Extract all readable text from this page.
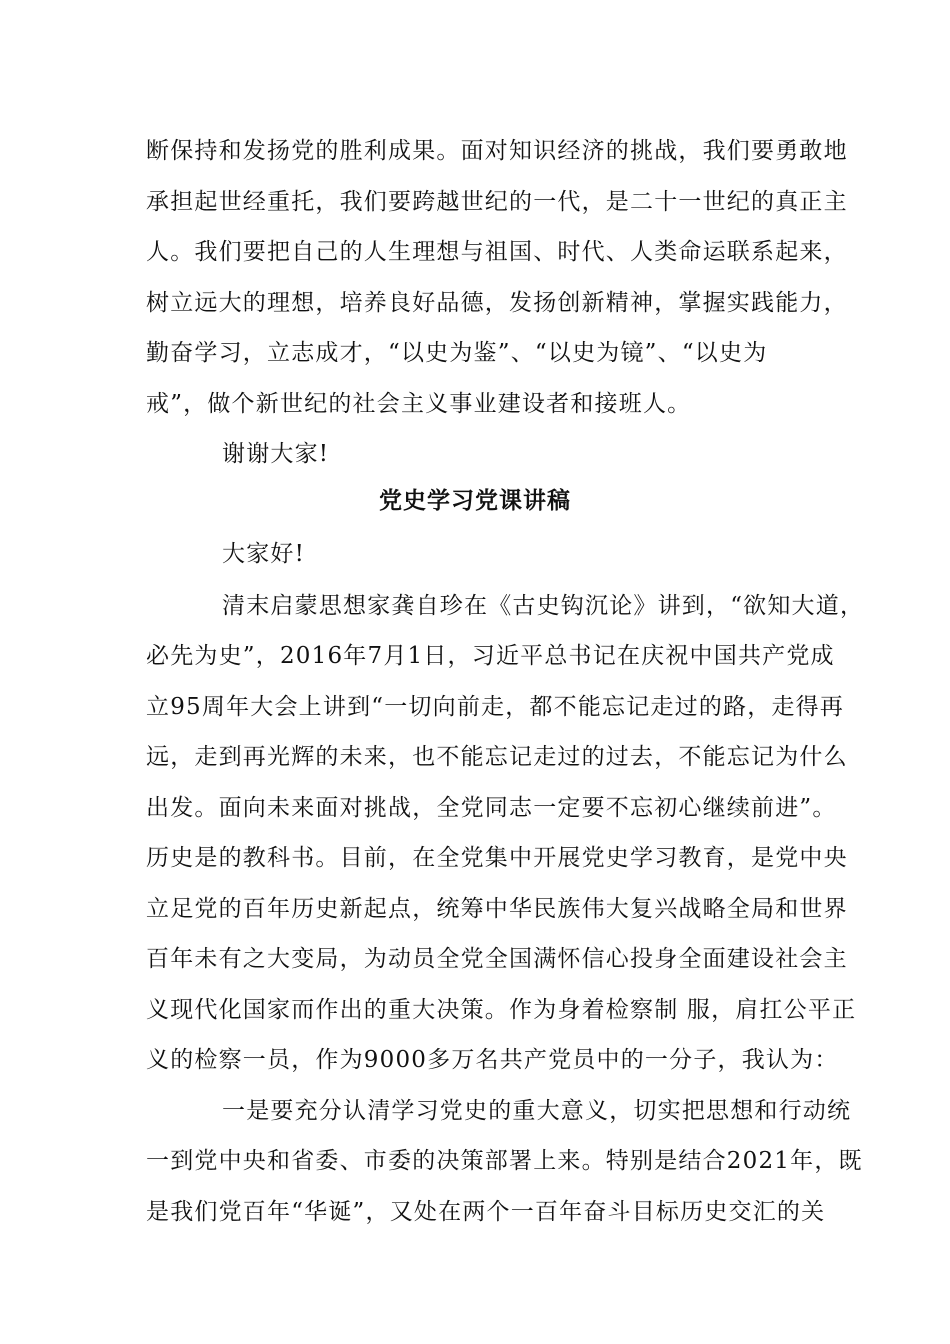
断保持和发扬党的胜利成果。面对知识经济的挑战，我们要勇敢地
承担起世经重托，我们要跨越世纪的一代，是二十一世纪的真正主
人。我们要把自己的人生理想与祖国、时代、人类命运联系起来，
树立远大的理想，培养良好品德，发扬创新精神，掌握实践能力，
勤奋学习，立志成才，“以史为鉴”、“以史为镜”、“以史为
戒”，做个新世纪的社会主义事业建设者和接班人。
谢谢大家!
党史学习党课讲稿
大家好!
清末启蒙思想家龚自珍在《古史钩沉论》讲到，“欲知大道，
必先为史”，2016年7月1日，习近平总书记在庆祝中国共产党成
立95周年大会上讲到“一切向前走，都不能忘记走过的路，走得再
远，走到再光辉的未来，也不能忘记走过的过去，不能忘记为什么
出发。面向未来面对挑战，全党同志一定要不忘初心继续前进”。
历史是的教科书。目前，在全党集中开展党史学习教育，是党中央
立足党的百年历史新起点，统筹中华民族伟大复兴战略全局和世界
百年未有之大变局，为动员全党全国满怀信心投身全面建设社会主
义现代化国家而作出的重大决策。作为身着检察制 服，肩扛公平正
义的检察一员，作为9000多万名共产党员中的一分子，我认为：
一是要充分认清学习党史的重大意义，切实把思想和行动统
一到党中央和省委、市委的决策部署上来。特别是结合2021年，既
是我们党百年“华诞”，又处在两个一百年奋斗目标历史交汇的关
